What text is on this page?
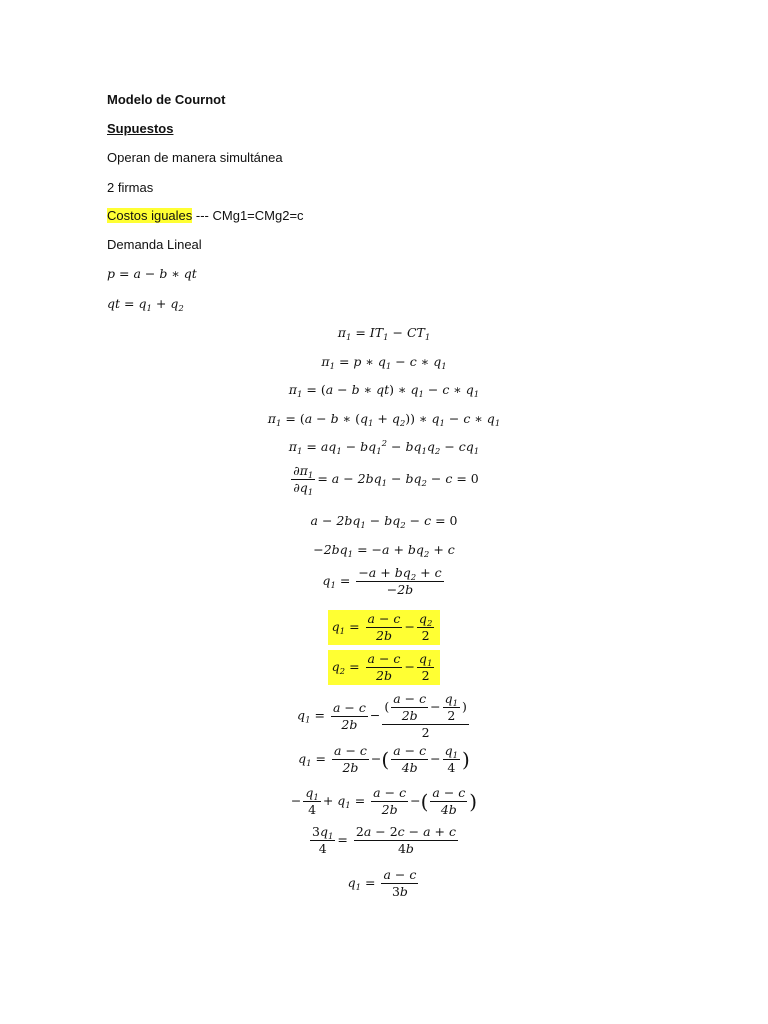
Modelo de Cournot
Supuestos
Operan de manera simultánea
2 firmas
Costos iguales --- CMg1=CMg2=c
Demanda Lineal
p = a − b ∗ qt
qt = $q_1 + q_2$
$\pi_1 = IT_1 - CT_1$
$\pi_1 = p$ ∗ $q_1 - c$ ∗ $q_1$
$\pi_1 = (a - b$ ∗ qt) ∗ $q_1 - c$ ∗ $q_1$
$\pi_1 = (a - b$ ∗ $(q_1 + q_2)$) ∗ $q_1 - c$ ∗ $q_1$
$\pi_1 = aq_1 - bq_1^2 - bq_1q_2 - cq_1$
$\frac{\partial\pi_1}{\partial q_1} = a - 2bq_1 - bq_2 - c = 0$
$a - 2bq_1 - bq_2 - c = 0$
$-2bq_1 = -a + bq_2 + c$
$q_1 = \frac{-a + bq_2 + c}{-2b}$
$q_1 = \frac{a - c}{2b} - \frac{q_2}{2}$
$q_2 = \frac{a - c}{2b} - \frac{q_1}{2}$
$q_1 = \frac{a - c}{2b} - \frac{( \frac{a - c}{2b} - \frac{q_1}{2} )}{2}$
$q_1 = \frac{a - c}{2b}$ −( $\frac{a - c}{4b} - \frac{q_1}{4}$ )
− $\frac{q_1}{4} + q_1 = \frac{a - c}{2b}$ −( $\frac{a - c}{4b}$ )
$\frac{3q_1}{4} = \frac{2a - 2c - a + c}{4b}$
$q_1 = \frac{a - c}{3b}$
